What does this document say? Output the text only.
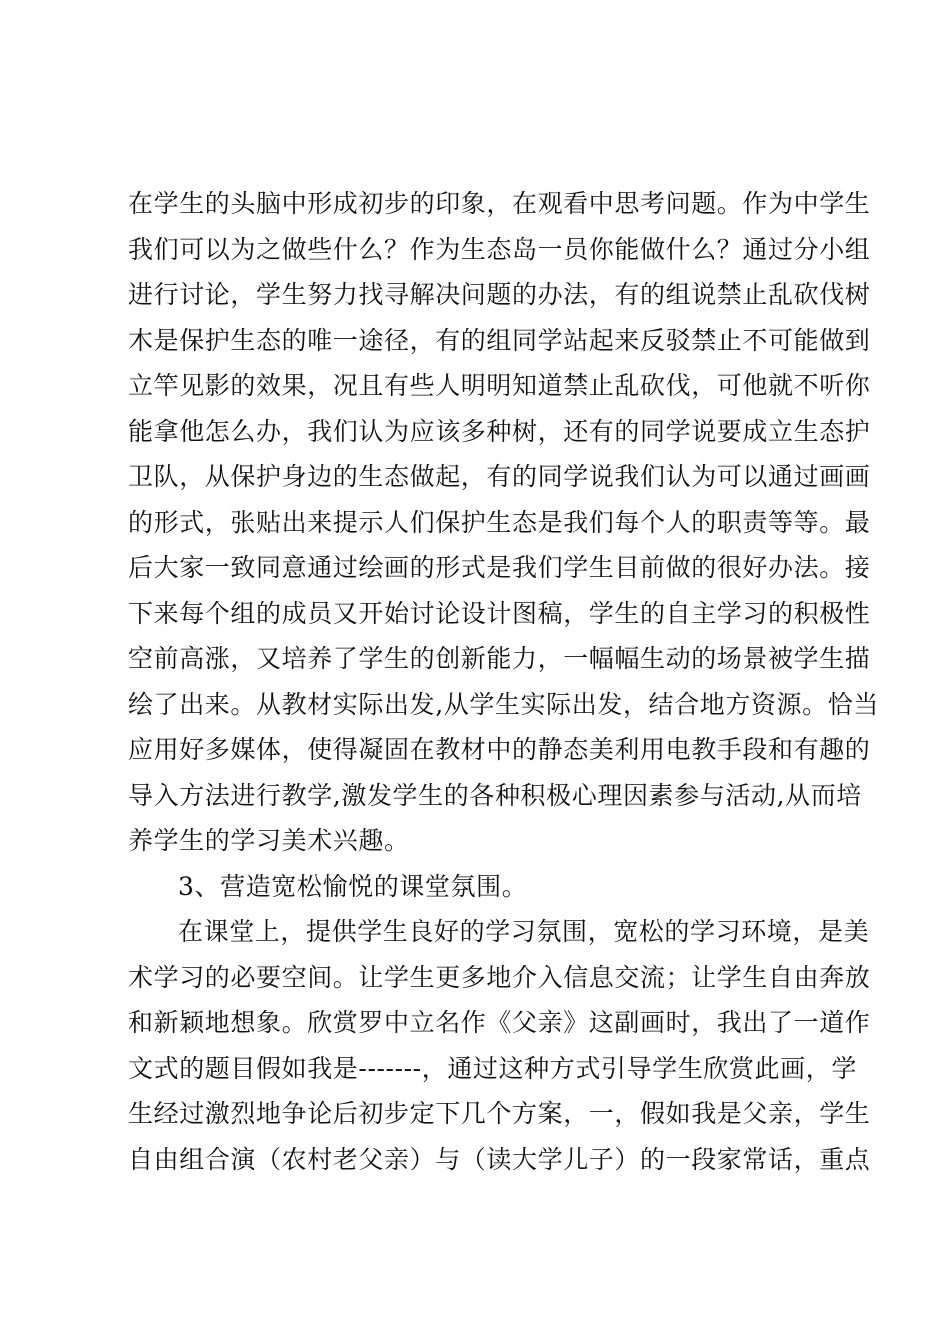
在学生的头脑中形成初步的印象，在观看中思考问题。作为中学生
我们可以为之做些什么？作为生态岛一员你能做什么？通过分小组
进行讨论，学生努力找寻解决问题的办法，有的组说禁止乱砍伐树
木是保护生态的唯一途径，有的组同学站起来反驳禁止不可能做到
立竿见影的效果，况且有些人明明知道禁止乱砍伐，可他就不听你
能拿他怎么办，我们认为应该多种树，还有的同学说要成立生态护
卫队，从保护身边的生态做起，有的同学说我们认为可以通过画画
的形式，张贴出来提示人们保护生态是我们每个人的职责等等。最
后大家一致同意通过绘画的形式是我们学生目前做的很好办法。接
下来每个组的成员又开始讨论设计图稿，学生的自主学习的积极性
空前高涨，又培养了学生的创新能力，一幅幅生动的场景被学生描
绘了出来。从教材实际出发,从学生实际出发，结合地方资源。恰当
应用好多媒体，使得凝固在教材中的静态美利用电教手段和有趣的
导入方法进行教学,激发学生的各种积极心理因素参与活动,从而培
养学生的学习美术兴趣。
3、营造宽松愉悦的课堂氛围。
在课堂上，提供学生良好的学习氛围，宽松的学习环境，是美
术学习的必要空间。让学生更多地介入信息交流；让学生自由奔放
和新颖地想象。欣赏罗中立名作《父亲》这副画时，我出了一道作
文式的题目假如我是-------，通过这种方式引导学生欣赏此画，学
生经过激烈地争论后初步定下几个方案，一，假如我是父亲，学生
自由组合演（农村老父亲）与（读大学儿子）的一段家常话，重点
